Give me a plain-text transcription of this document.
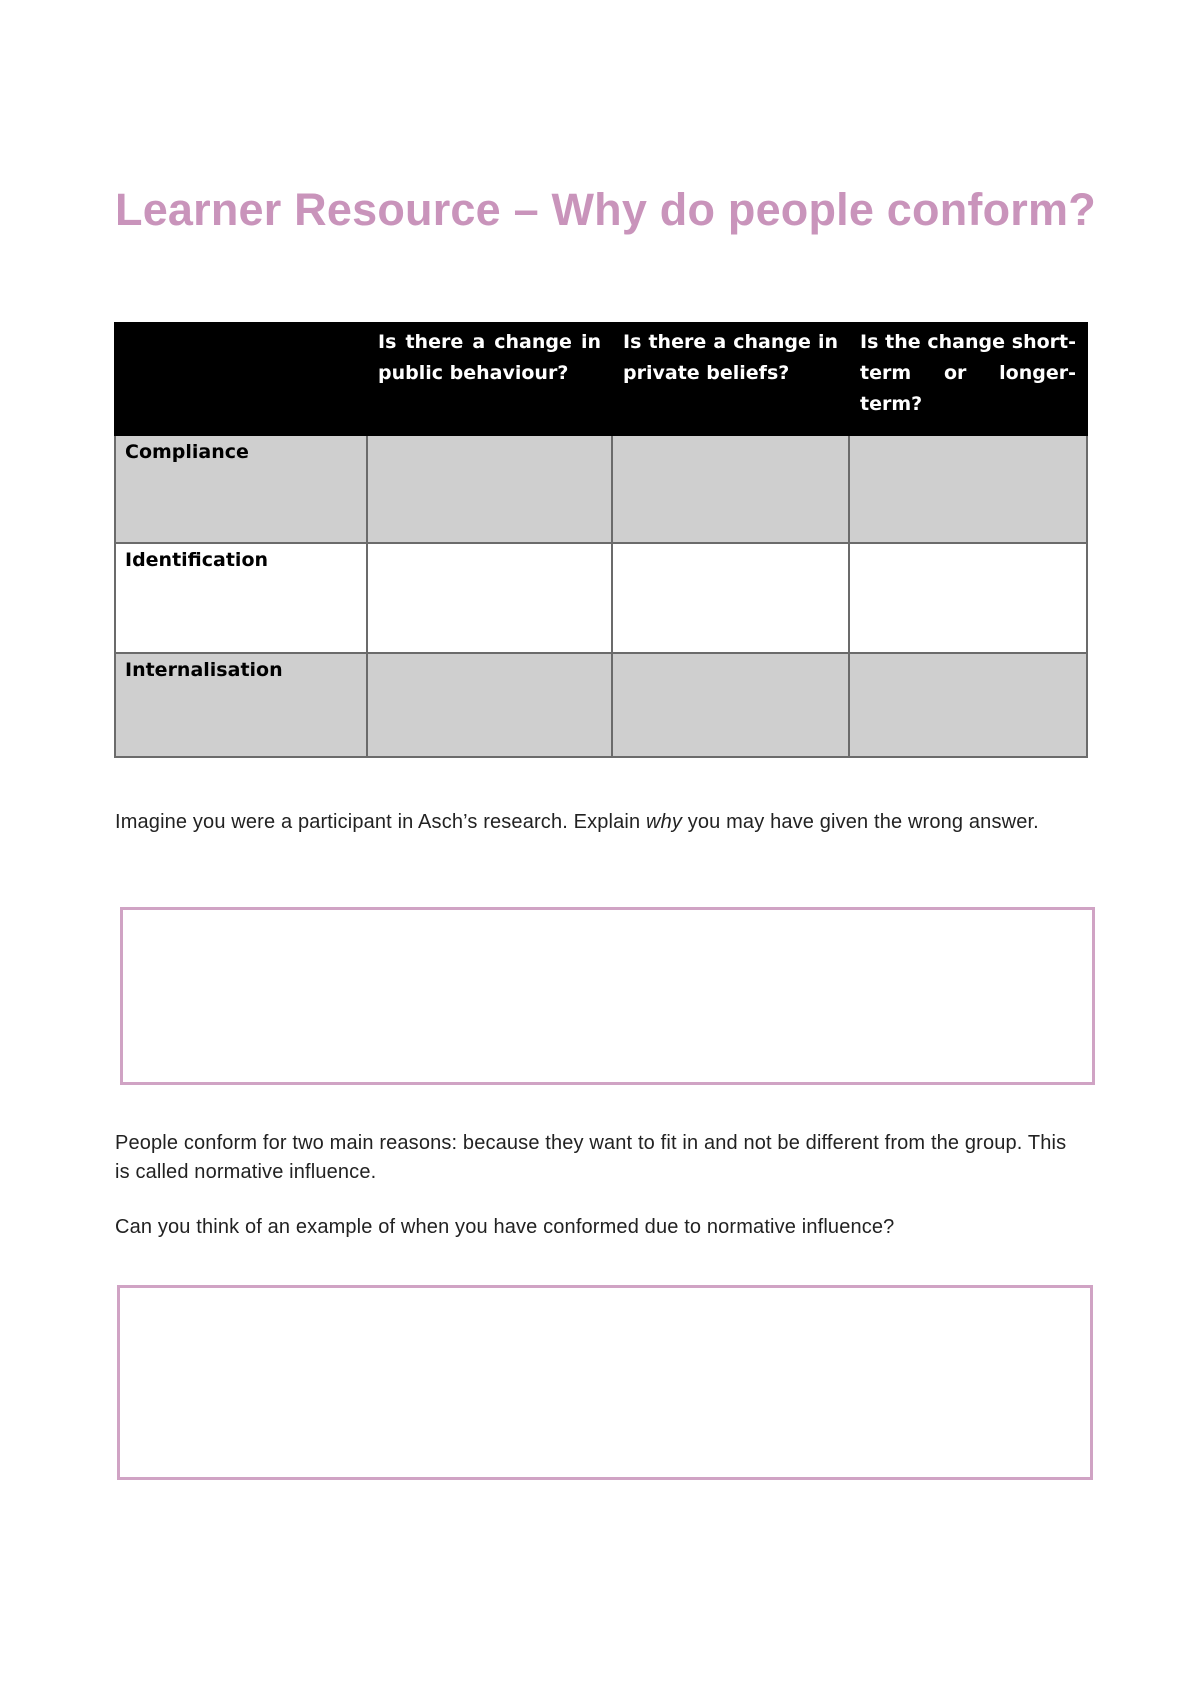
Learner Resource – Why do people conform?

	Is there a change in public behaviour?	Is there a change in private beliefs?	Is the change short-term or longer-term?

Compliance			
Identification			
Internalisation			

Imagine you were a participant in Asch’s research. Explain why you may have given the wrong answer.

People conform for two main reasons: because they want to fit in and not be different from the group. This is called normative influence.

Can you think of an example of when you have conformed due to normative influence?
